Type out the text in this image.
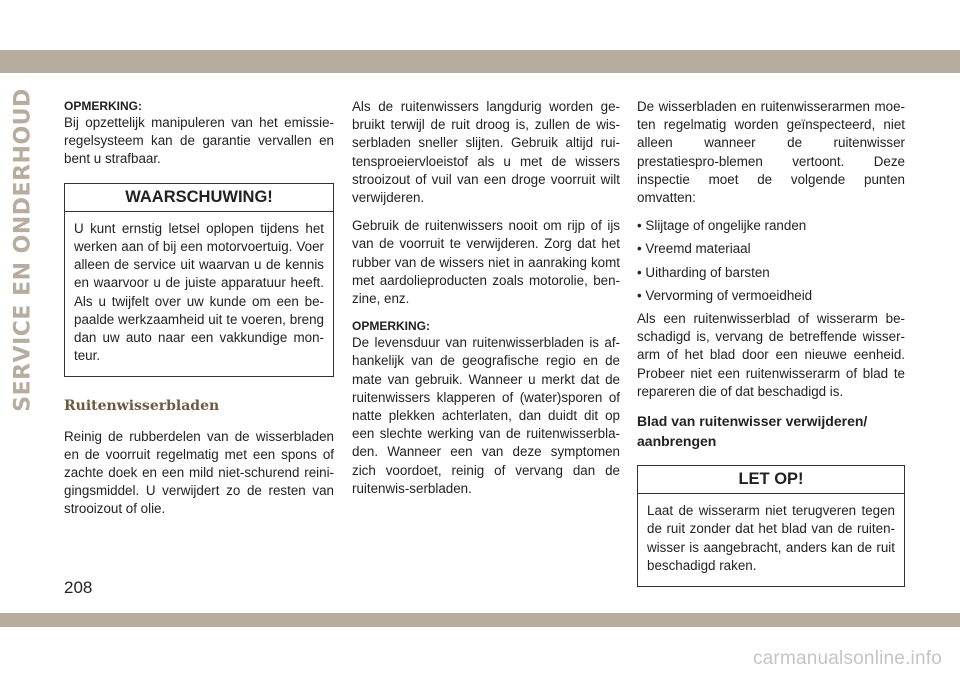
SERVICE EN ONDERHOUD OPMERKING:

Bij opzettelijk manipuleren van het emissie-regelsysteem kan de garantie vervallen en bent u strafbaar.

WAARSCHUWING!

U kunt ernstig letsel oplopen tijdens het werken aan of bij een motorvoertuig. Voer alleen de service uit waarvan u de kennis en waarvoor u de juiste apparatuur heeft. Als u twijfelt over uw kunde om een be-paalde werkzaamheid uit te voeren, breng dan uw auto naar een vakkundige mon-teur.

Ruitenwisserbladen

Reinig de rubberdelen van de wisserbladen en de voorruit regelmatig met een spons of zachte doek en een mild niet-schurend reini-gingsmiddel. U verwijdert zo de resten van strooizout of olie.

Als de ruitenwissers langdurig worden ge-bruikt terwijl de ruit droog is, zullen de wis-serbladen sneller slijten. Gebruik altijd rui-tensproeiervloeistof als u met de wissers strooizout of vuil van een droge voorruit wilt verwijderen.

Gebruik de ruitenwissers nooit om rijp of ijs van de voorruit te verwijderen. Zorg dat het rubber van de wissers niet in aanraking komt met aardolieproducten zoals motorolie, ben-zine, enz.

OPMERKING:

De levensduur van ruitenwisserbladen is af-hankelijk van de geografische regio en de mate van gebruik. Wanneer u merkt dat de ruitenwissers klapperen of (water)sporen of natte plekken achterlaten, dan duidt dit op een slechte werking van de ruitenwisserbla-den. Wanneer een van deze symptomen zich voordoet, reinig of vervang dan de ruitenwis-serbladen.

De wisserbladen en ruitenwisserarmen moe-ten regelmatig worden geïnspecteerd, niet alleen wanneer de ruitenwisser prestatiespro-blemen vertoont. Deze inspectie moet de volgende punten omvatten:

• Slijtage of ongelijke randen

• Vreemd materiaal

• Uitharding of barsten

• Vervorming of vermoeidheid

Als een ruitenwisserblad of wisserarm be-schadigd is, vervang de betreffende wisser-arm of het blad door een nieuwe eenheid. Probeer niet een ruitenwisserarm of blad te repareren die of dat beschadigd is.

Blad van ruitenwisser verwijderen/ aanbrengen
LET OP!

Laat de wisserarm niet terugveren tegen de ruit zonder dat het blad van de ruiten-wisser is aangebracht, anders kan de ruit beschadigd raken.

208
carmanualsonline.info
